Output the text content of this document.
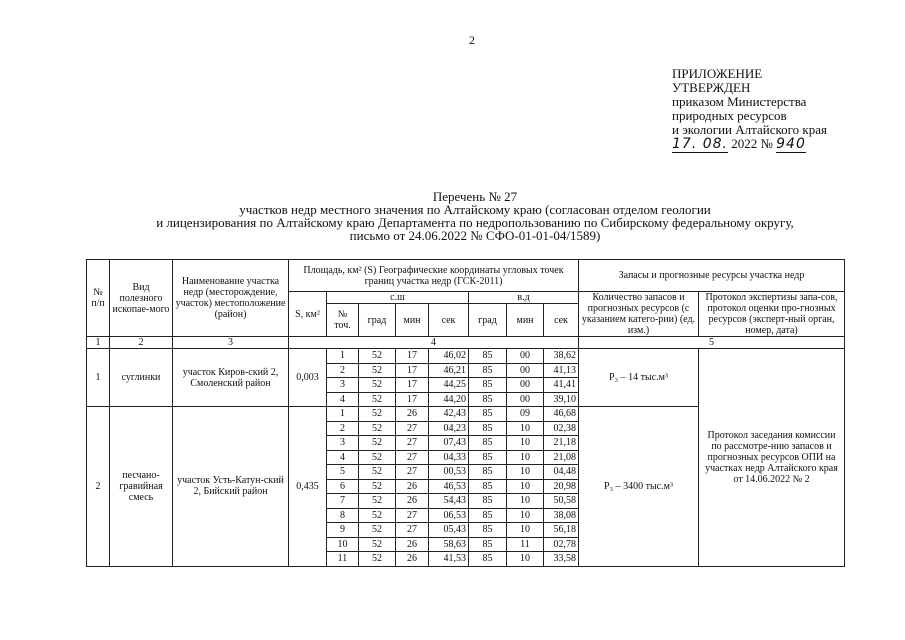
2
ПРИЛОЖЕНИЕ
УТВЕРЖДЕН
приказом Министерства
природных ресурсов
и экологии Алтайского края
17. 08. 2022 № 940
Перечень № 27
участков недр местного значения по Алтайскому краю (согласован отделом геологии
и лицензирования по Алтайскому краю Департамента по недропользованию по Сибирскому федеральному округу,
письмо от 24.06.2022 № СФО-01-01-04/1589)
№ п/п	Вид полезного ископае-мого	Наименование участка недр (месторождение, участок) местоположение (район)	Площадь, км² (S) Географические координаты угловых точек границ участка недр (ГСК-2011)								Запасы и прогнозные ресурсы участка недр	
			S, км²	с.ш				в.д			Количество запасов и прогнозных ресурсов (с указанием катего-рии) (ед. изм.)	Протокол экспертизы запа-сов, протокол оценки про-гнозных ресурсов (эксперт-ный орган, номер, дата)
				№ точ.	град	мин	сек	град	мин	сек		

1	2	3	4								5	
1	суглинки	участок Киров-ский 2, Смоленский район	0,003	1	52	17	46,02	85	00	38,62	P₃ – 14 тыс.м³	Протокол заседания комиссии по рассмотре-нию запасов и прогнозных ресурсов ОПИ на участках недр Алтайского края от 14.06.2022 № 2
				2	52	17	46,21	85	00	41,13		
				3	52	17	44,25	85	00	41,41		
				4	52	17	44,20	85	00	39,10		
2	песчано-гравийная смесь	участок Усть-Катун-ский 2, Бийский район	0,435	1	52	26	42,43	85	09	46,68	P₃ – 3400 тыс.м³	
				2	52	27	04,23	85	10	02,38		
				3	52	27	07,43	85	10	21,18		
				4	52	27	04,33	85	10	21,08		
				5	52	27	00,53	85	10	04,48		
				6	52	26	46,53	85	10	20,98		
				7	52	26	54,43	85	10	50,58		
				8	52	27	06,53	85	10	38,08		
				9	52	27	05,43	85	10	56,18		
				10	52	26	58,63	85	11	02,78		
				11	52	26	41,53	85	10	33,58		
